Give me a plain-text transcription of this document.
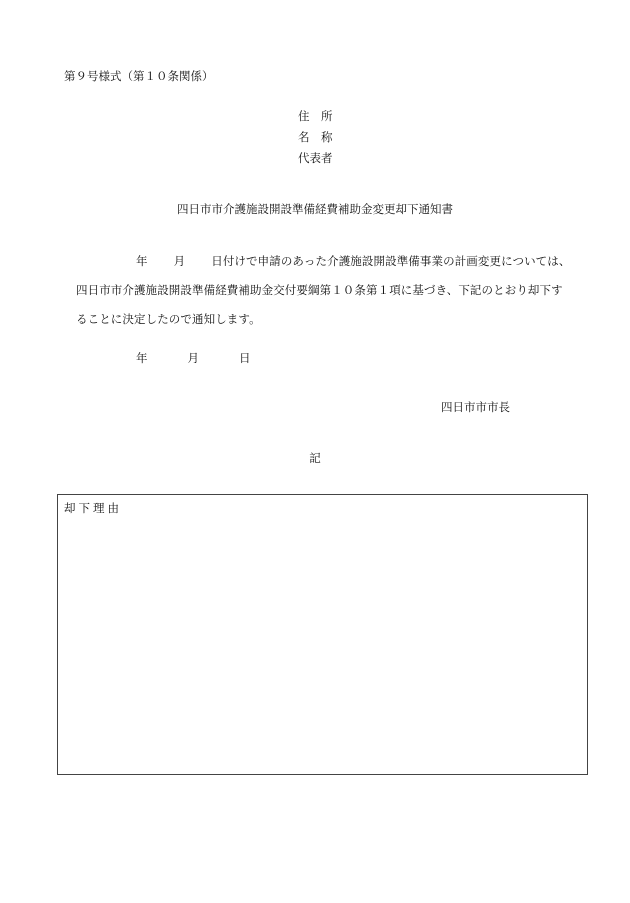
第９号様式（第１０条関係）
住　所
名　称
代表者
四日市市介護施設開設準備経費補助金変更却下通知書
年 月 日付けで申請のあった介護施設開設準備事業の計画変更については、
四日市市介護施設開設準備経費補助金交付要綱第１０条第１項に基づき、下記のとおり却下す
ることに決定したので通知します。
年	月	日
四日市市市長
記
却下理由
